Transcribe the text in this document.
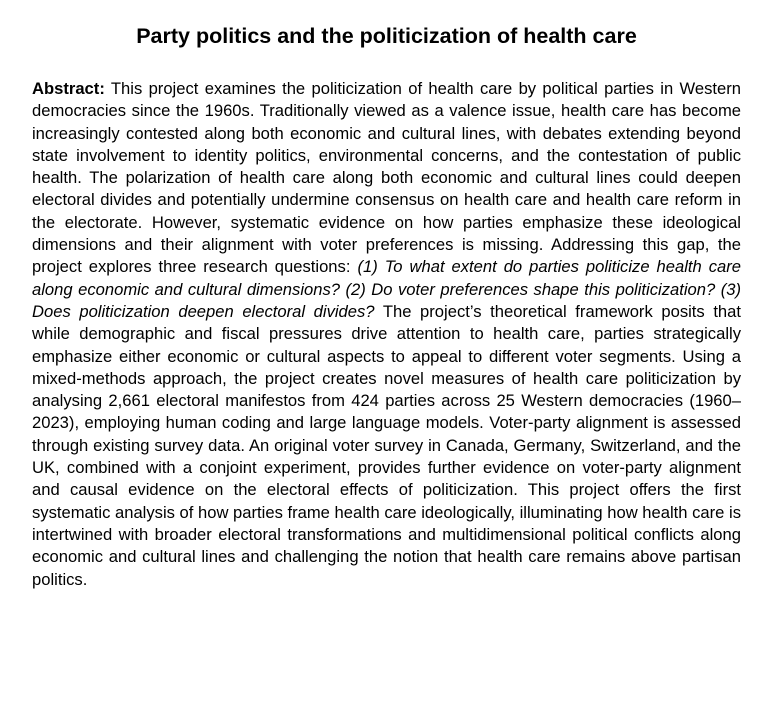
Party politics and the politicization of health care

Abstract: This project examines the politicization of health care by political parties in Western democracies since the 1960s. Traditionally viewed as a valence issue, health care has become increasingly contested along both economic and cultural lines, with debates extending beyond state involvement to identity politics, environmental concerns, and the contestation of public health. The polarization of health care along both economic and cultural lines could deepen electoral divides and potentially undermine consensus on health care and health care reform in the electorate. However, systematic evidence on how parties emphasize these ideological dimensions and their alignment with voter preferences is missing. Addressing this gap, the project explores three research questions: (1) To what extent do parties politicize health care along economic and cultural dimensions? (2) Do voter preferences shape this politicization? (3) Does politicization deepen electoral divides? The project’s theoretical framework posits that while demographic and fiscal pressures drive attention to health care, parties strategically emphasize either economic or cultural aspects to appeal to different voter segments. Using a mixed-methods approach, the project creates novel measures of health care politicization by analysing 2,661 electoral manifestos from 424 parties across 25 Western democracies (1960–2023), employing human coding and large language models. Voter-party alignment is assessed through existing survey data. An original voter survey in Canada, Germany, Switzerland, and the UK, combined with a conjoint experiment, provides further evidence on voter-party alignment and causal evidence on the electoral effects of politicization. This project offers the first systematic analysis of how parties frame health care ideologically, illuminating how health care is intertwined with broader electoral transformations and multidimensional political conflicts along economic and cultural lines and challenging the notion that health care remains above partisan politics.
